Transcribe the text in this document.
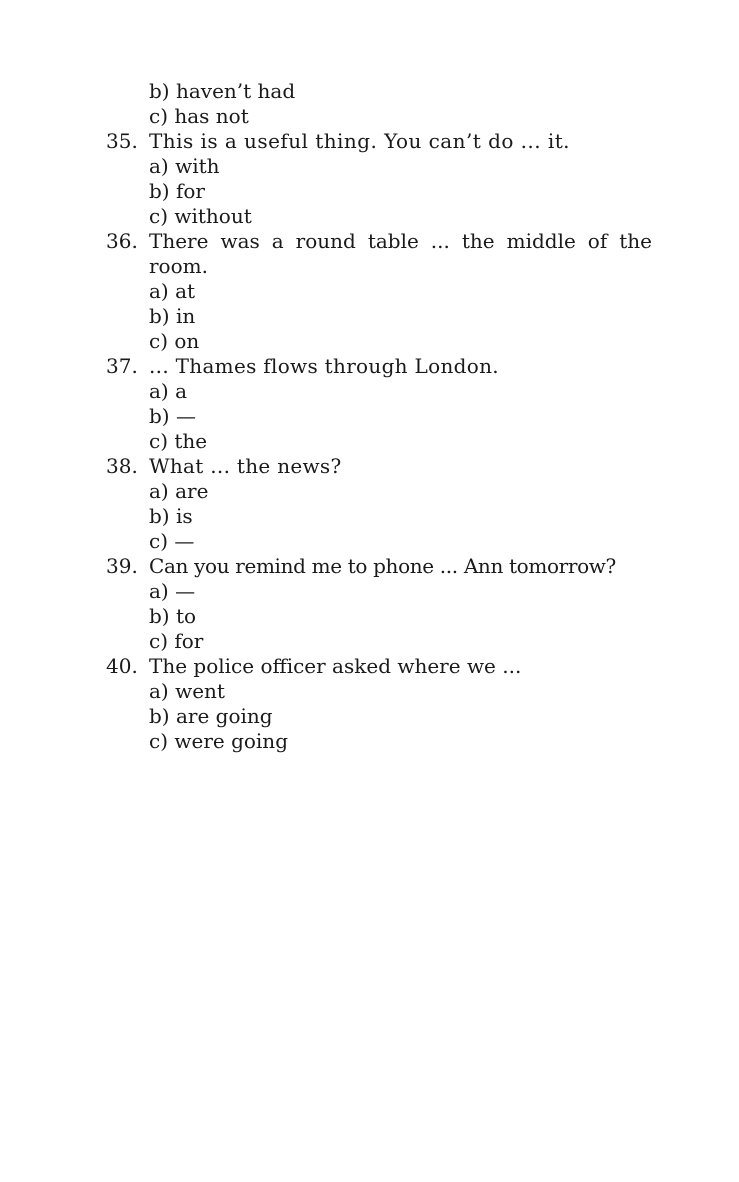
b) haven’t had
c) has not
35. This is a useful thing. You can’t do ... it.
a) with
b) for
c) without
36. There was a round table ... the middle of the room.
a) at
b) in
c) on
37. ... Thames flows through London.
a) a
b) —
c) the
38. What ... the news?
a) are
b) is
c) —
39. Can you remind me to phone ... Ann tomorrow?
a) —
b) to
c) for
40. The police officer asked where we ...
a) went
b) are going
c) were going
